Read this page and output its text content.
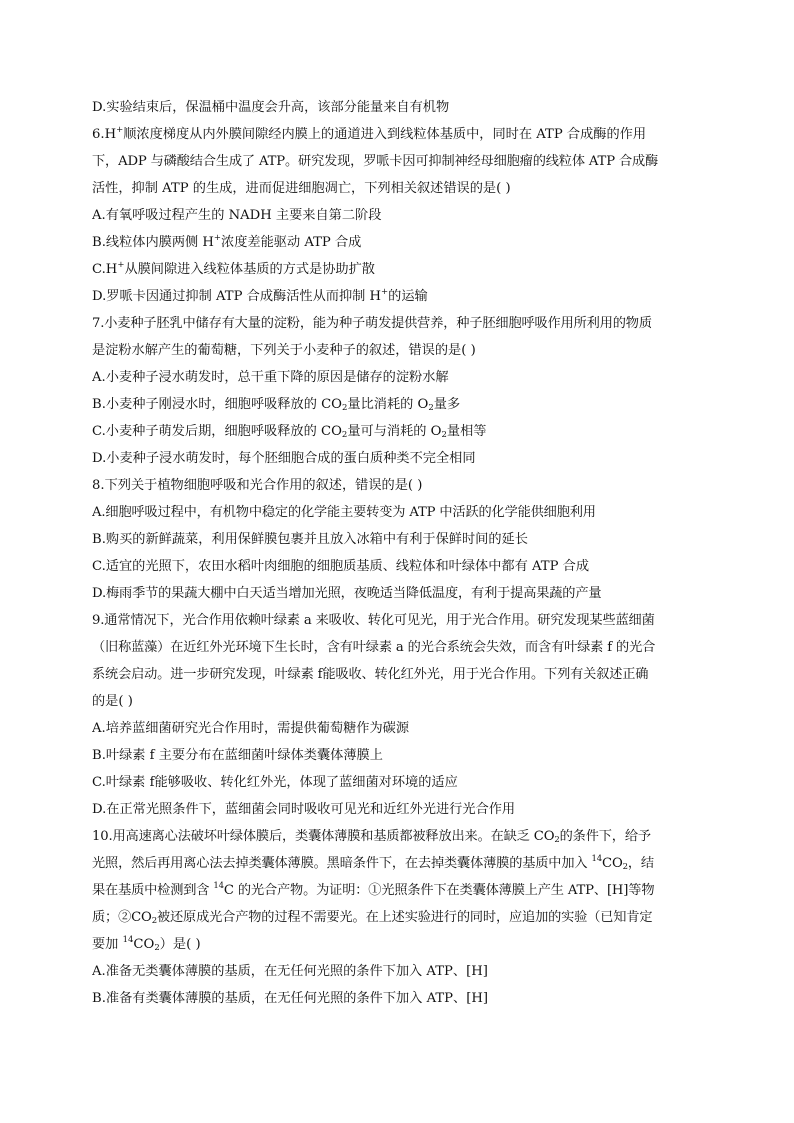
D.实验结束后，保温桶中温度会升高，该部分能量来自有机物
6.H+顺浓度梯度从内外膜间隙经内膜上的通道进入到线粒体基质中，同时在 ATP 合成酶的作用
下，ADP 与磷酸结合生成了 ATP。研究发现，罗哌卡因可抑制神经母细胞瘤的线粒体 ATP 合成酶
活性，抑制 ATP 的生成，进而促进细胞凋亡，下列相关叙述错误的是( )
A.有氧呼吸过程产生的 NADH 主要来自第二阶段
B.线粒体内膜两侧 H+浓度差能驱动 ATP 合成
C.H+从膜间隙进入线粒体基质的方式是协助扩散
D.罗哌卡因通过抑制 ATP 合成酶活性从而抑制 H+的运输
7.小麦种子胚乳中储存有大量的淀粉，能为种子萌发提供营养，种子胚细胞呼吸作用所利用的物质
是淀粉水解产生的葡萄糖，下列关于小麦种子的叙述，错误的是( )
A.小麦种子浸水萌发时，总干重下降的原因是储存的淀粉水解
B.小麦种子刚浸水时，细胞呼吸释放的 $CO_2$量比消耗的 $O_2$量多
C.小麦种子萌发后期，细胞呼吸释放的 $CO_2$量可与消耗的 $O_2$量相等
D.小麦种子浸水萌发时，每个胚细胞合成的蛋白质种类不完全相同
8.下列关于植物细胞呼吸和光合作用的叙述，错误的是( )
A.细胞呼吸过程中，有机物中稳定的化学能主要转变为 ATP 中活跃的化学能供细胞利用
B.购买的新鲜蔬菜，利用保鲜膜包裹并且放入冰箱中有利于保鲜时间的延长
C.适宜的光照下，农田水稻叶肉细胞的细胞质基质、线粒体和叶绿体中都有 ATP 合成
D.梅雨季节的果蔬大棚中白天适当增加光照，夜晚适当降低温度，有利于提高果蔬的产量
9.通常情况下，光合作用依赖叶绿素 a 来吸收、转化可见光，用于光合作用。研究发现某些蓝细菌
（旧称蓝藻）在近红外光环境下生长时，含有叶绿素 a 的光合系统会失效，而含有叶绿素 f 的光合
系统会启动。进一步研究发现，叶绿素 f能吸收、转化红外光，用于光合作用。下列有关叙述正确
的是( )
A.培养蓝细菌研究光合作用时，需提供葡萄糖作为碳源
B.叶绿素 f 主要分布在蓝细菌叶绿体类囊体薄膜上
C.叶绿素 f能够吸收、转化红外光，体现了蓝细菌对环境的适应
D.在正常光照条件下，蓝细菌会同时吸收可见光和近红外光进行光合作用
10.用高速离心法破坏叶绿体膜后，类囊体薄膜和基质都被释放出来。在缺乏 $CO_2$的条件下，给予
光照，然后再用离心法去掉类囊体薄膜。黑暗条件下，在去掉类囊体薄膜的基质中加入 $^{14}CO_2$，结
果在基质中检测到含 $^{14}$C 的光合产物。为证明：①光照条件下在类囊体薄膜上产生 ATP、[H]等物
质；$②CO_2$被还原成光合产物的过程不需要光。在上述实验进行的同时，应追加的实验（已知肯定
要加 $^{14}CO_2$）是( )
A.准备无类囊体薄膜的基质，在无任何光照的条件下加入 ATP、[H]
B.准备有类囊体薄膜的基质，在无任何光照的条件下加入 ATP、[H]
